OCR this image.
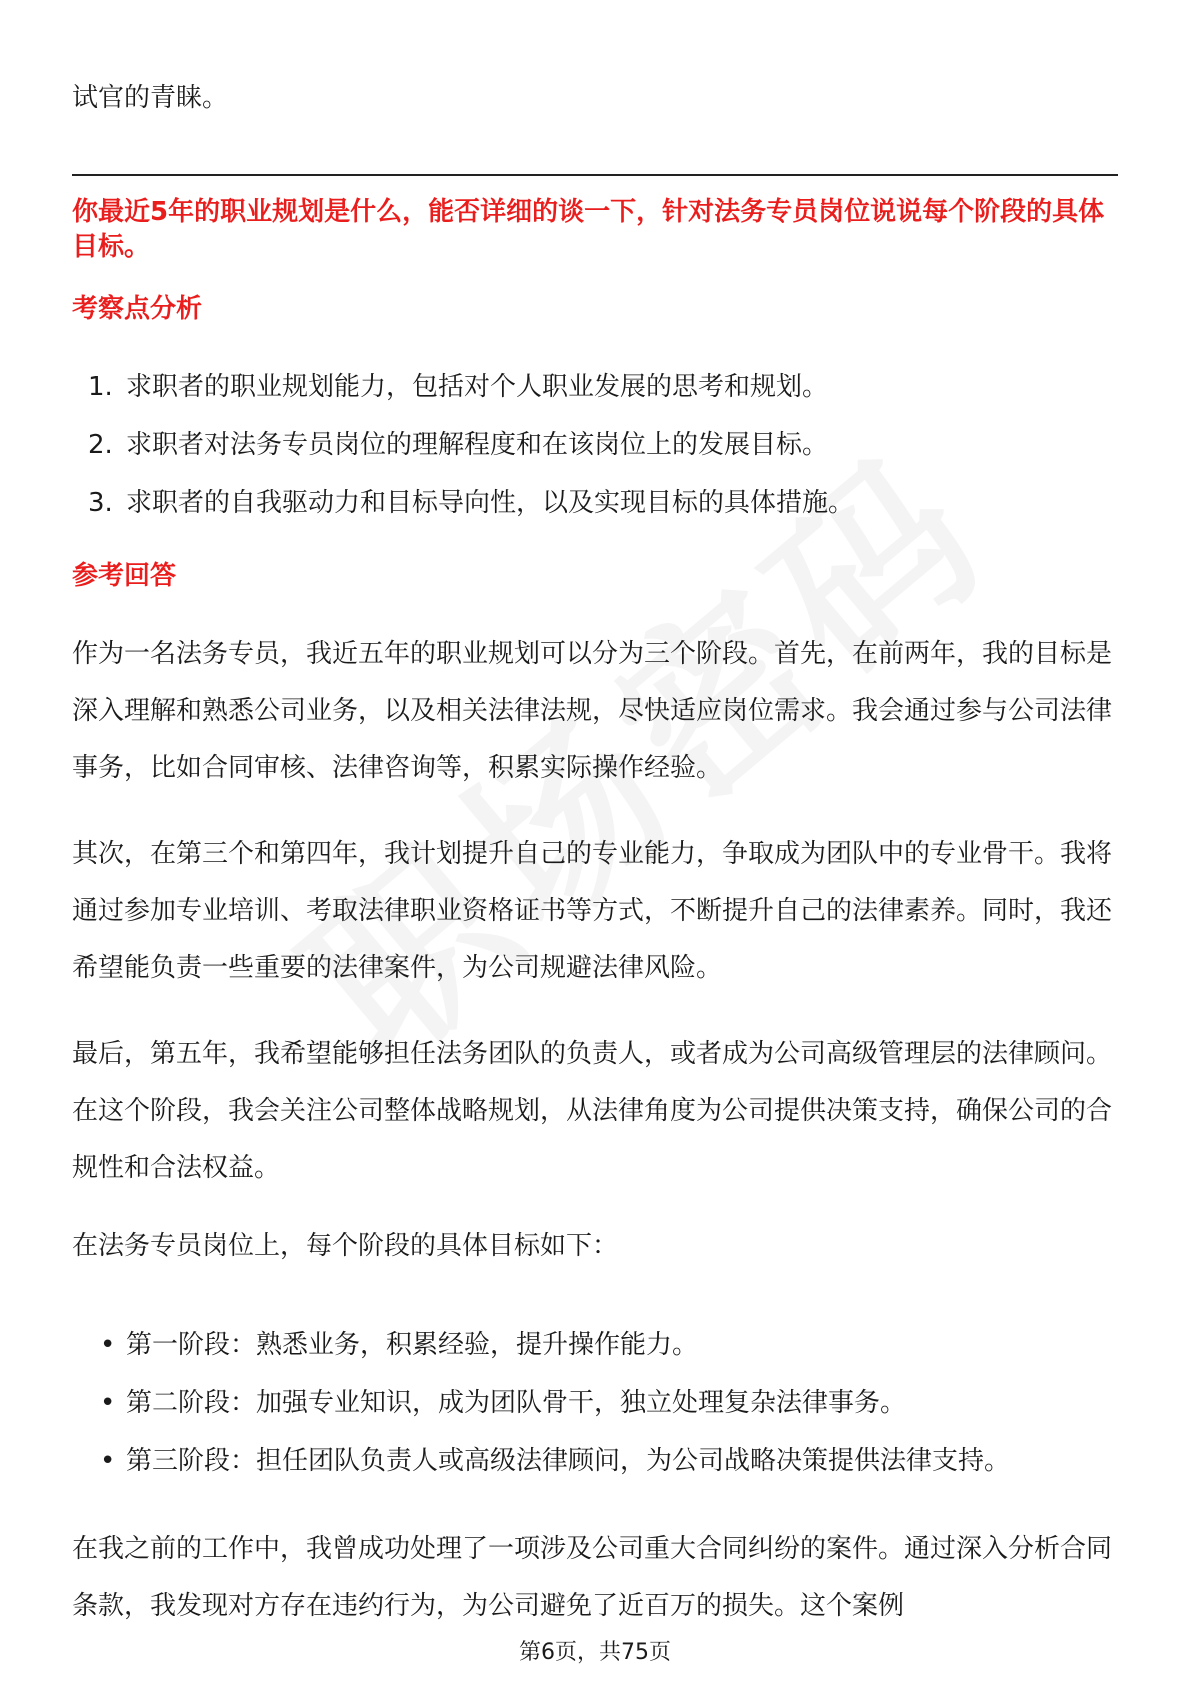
试官的青睐。
你最近5年的职业规划是什么，能否详细的谈一下，针对法务专员岗位说说每个阶段的具体目标。
考察点分析
1. 求职者的职业规划能力，包括对个人职业发展的思考和规划。
2. 求职者对法务专员岗位的理解程度和在该岗位上的发展目标。
3. 求职者的自我驱动力和目标导向性，以及实现目标的具体措施。
参考回答
作为一名法务专员，我近五年的职业规划可以分为三个阶段。首先，在前两年，我的目标是深入理解和熟悉公司业务，以及相关法律法规，尽快适应岗位需求。我会通过参与公司法律事务，比如合同审核、法律咨询等，积累实际操作经验。
其次，在第三个和第四年，我计划提升自己的专业能力，争取成为团队中的专业骨干。我将通过参加专业培训、考取法律职业资格证书等方式，不断提升自己的法律素养。同时，我还希望能负责一些重要的法律案件，为公司规避法律风险。
最后，第五年，我希望能够担任法务团队的负责人，或者成为公司高级管理层的法律顾问。在这个阶段，我会关注公司整体战略规划，从法律角度为公司提供决策支持，确保公司的合规性和合法权益。
在法务专员岗位上，每个阶段的具体目标如下：
• 第一阶段：熟悉业务，积累经验，提升操作能力。
• 第二阶段：加强专业知识，成为团队骨干，独立处理复杂法律事务。
• 第三阶段：担任团队负责人或高级法律顾问，为公司战略决策提供法律支持。
在我之前的工作中，我曾成功处理了一项涉及公司重大合同纠纷的案件。通过深入分析合同条款，我发现对方存在违约行为，为公司避免了近百万的损失。这个案例
第6页，共75页
